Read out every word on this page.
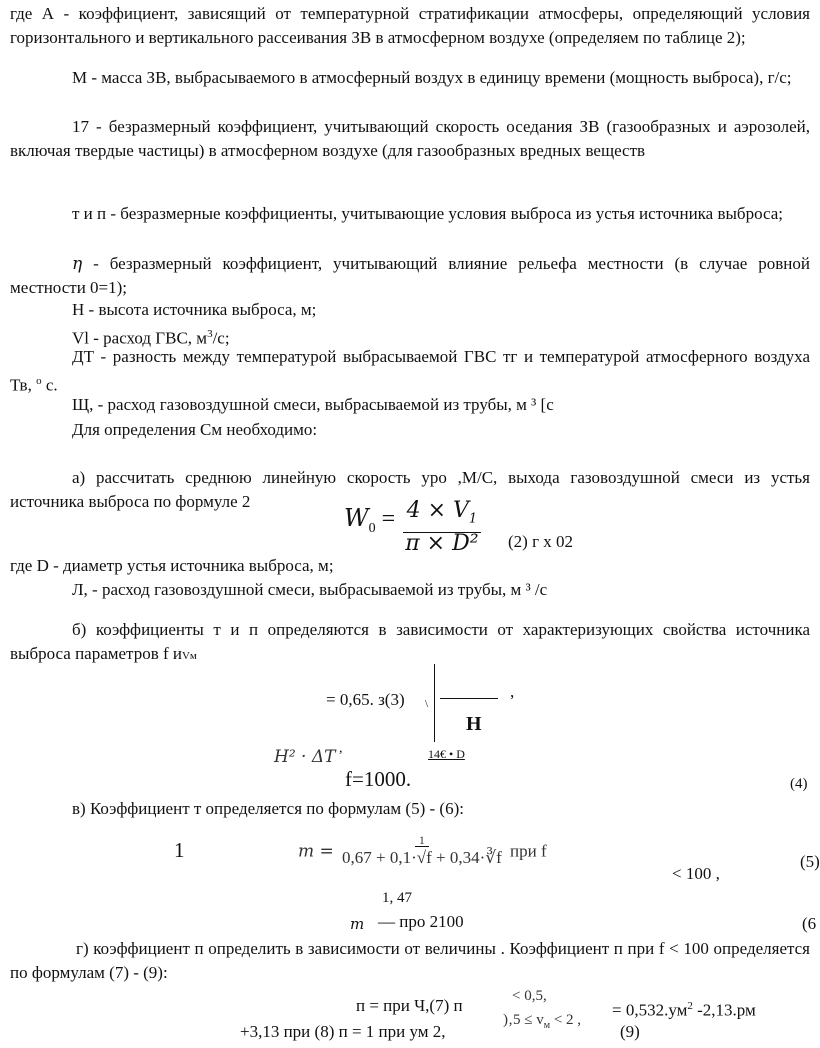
где А - коэффициент, зависящий от температурной стратификации атмосферы, определяющий условия горизонтального и вертикального рассеивания ЗВ в атмосферном воздухе (определяем по таблице 2);

М - масса ЗВ, выбрасываемого в атмосферный воздух в единицу времени (мощность выброса), г/с;

17 - безразмерный коэффициент, учитывающий скорость оседания ЗВ (газообразных и аэрозолей, включая твердые частицы) в атмосферном воздухе (для газообразных вредных веществ

т и п - безразмерные коэффициенты, учитывающие условия выброса из устья источника выброса;

η - безразмерный коэффициент, учитывающий влияние рельефа местности (в случае ровной местности 0=1);

Н - высота источника выброса, м;

Vl - расход ГВС, $м^3/с$;

ДТ - разность между температурой выбрасываемой ГВС тг и температурой атмосферного воздуха Тв, $^о$ с.

Щ, - расход газовоздушной смеси, выбрасываемой из трубы, м ³ [с

Для определения См необходимо:

а) рассчитать среднюю линейную скорость уро ,М/С, выхода газовоздушной смеси из устья источника выброса по формуле 2

$W_0 = \frac{4 \times V_1}{\text{π × D²}} (2)$ г х 02

где D - диаметр устья источника выброса, м;

Л, - расход газовоздушной смеси, выбрасываемой из трубы, м ³ /с

б) коэффициенты т и п определяются в зависимости от характеризующих свойства источника выброса параметров f иVм

= 0,65. з(3) \
,
Н
H² · ΔT ,	14€ • D
f=1000.	(4)

в) Коэффициент т определяется по формулам (5) - (6):

1	$m = \frac{1}{0,67 + 0,1\cdot√f + 0,34\cdot∛f}$ при f
< 100 ,
(5)
1, 47
m — про 2100	(6

г) коэффициент п определить в зависимости от величины . Коэффициент п при f < 100 определяется по формулам (7) - (9):

п = при Ч,(7) п	< 0,5,
= $0,532.ум^2$ -2,13.рм
+3,13 при (8) п = 1 при ум 2,
)‚5 ≤ $v_м < 2$ ,
(9)
